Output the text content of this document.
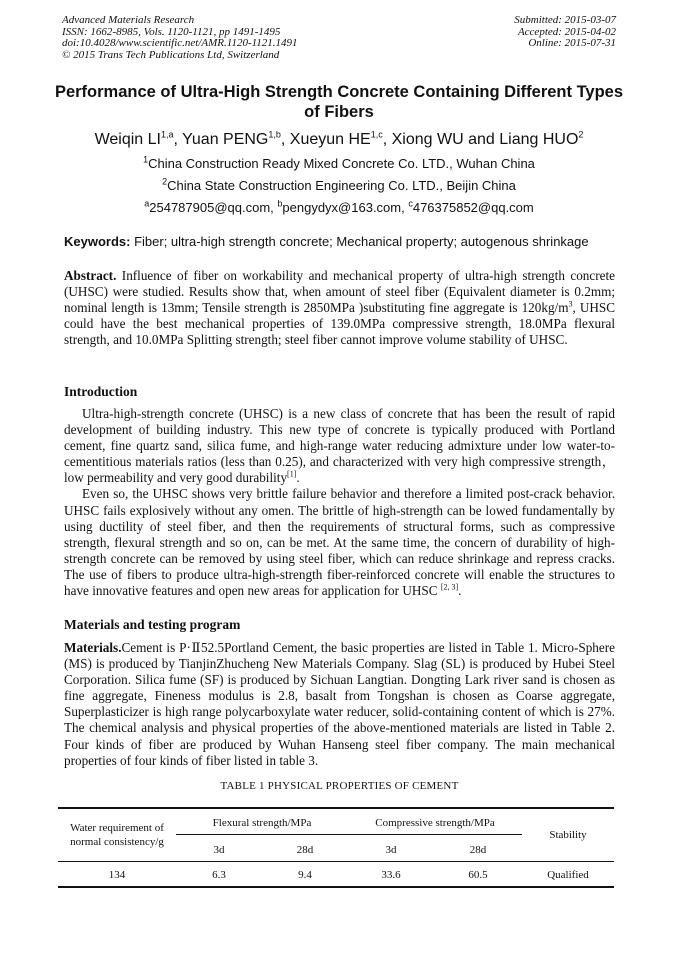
Advanced Materials Research
ISSN: 1662-8985, Vols. 1120-1121, pp 1491-1495
doi:10.4028/www.scientific.net/AMR.1120-1121.1491
© 2015 Trans Tech Publications Ltd, Switzerland
Submitted: 2015-03-07
Accepted: 2015-04-02
Online: 2015-07-31
Performance of Ultra-High Strength Concrete Containing Different Types
of Fibers
Weiqin LI$^{1,a}$, Yuan PENG$^{1,b}$, Xueyun HE$^{1,c}$, Xiong WU and Liang HUO$^2$
$^1$China Construction Ready Mixed Concrete Co. LTD., Wuhan China
$^2$China State Construction Engineering Co. LTD., Beijin China
$^a$254787905@qq.com, $^b$pengydyx@163.com, $^c$476375852@qq.com
Keywords: Fiber; ultra-high strength concrete; Mechanical property; autogenous shrinkage

Abstract. Influence of fiber on workability and mechanical property of ultra-high strength concrete (UHSC) were studied. Results show that, when amount of steel fiber (Equivalent diameter is 0.2mm; nominal length is 13mm; Tensile strength is 2850MPa )substituting fine aggregate is $120kg/m^3$, UHSC could have the best mechanical properties of 139.0MPa compressive strength, 18.0MPa flexural strength, and 10.0MPa Splitting strength; steel fiber cannot improve volume stability of UHSC.

Introduction

Ultra-high-strength concrete (UHSC) is a new class of concrete that has been the result of rapid development of building industry. This new type of concrete is typically produced with Portland cement, fine quartz sand, silica fume, and high-range water reducing admixture under low water-to-cementitious materials ratios (less than 0.25), and characterized with very high compressive strength，low permeability and very good durability[1].

Even so, the UHSC shows very brittle failure behavior and therefore a limited post-crack behavior. UHSC fails explosively without any omen. The brittle of high-strength can be lowed fundamentally by using ductility of steel fiber, and then the requirements of structural forms, such as compressive strength, flexural strength and so on, can be met. At the same time, the concern of durability of high-strength concrete can be removed by using steel fiber, which can reduce shrinkage and repress cracks. The use of fibers to produce ultra-high-strength fiber-reinforced concrete will enable the structures to have innovative features and open new areas for application for UHSC [2, 3].

Materials and testing program

Materials.Cement is P·Ⅱ52.5Portland Cement, the basic properties are listed in Table 1. Micro-Sphere (MS) is produced by TianjinZhucheng New Materials Company. Slag (SL) is produced by Hubei Steel Corporation. Silica fume (SF) is produced by Sichuan Langtian. Dongting Lark river sand is chosen as fine aggregate, Fineness modulus is 2.8, basalt from Tongshan is chosen as Coarse aggregate, Superplasticizer is high range polycarboxylate water reducer, solid-containing content of which is 27%. The chemical analysis and physical properties of the above-mentioned materials are listed in Table 2. Four kinds of fiber are produced by Wuhan Hanseng steel fiber company. The main mechanical properties of four kinds of fiber listed in table 3.

TABLE 1 PHYSICAL PROPERTIES OF CEMENT
Water requirement of
normal consistency/g
Flexural strength/MPa	Compressive strength/MPa
Stability
3d	28d	3d	28d
134	6.3	9.4	33.6	60.5	Qualified
